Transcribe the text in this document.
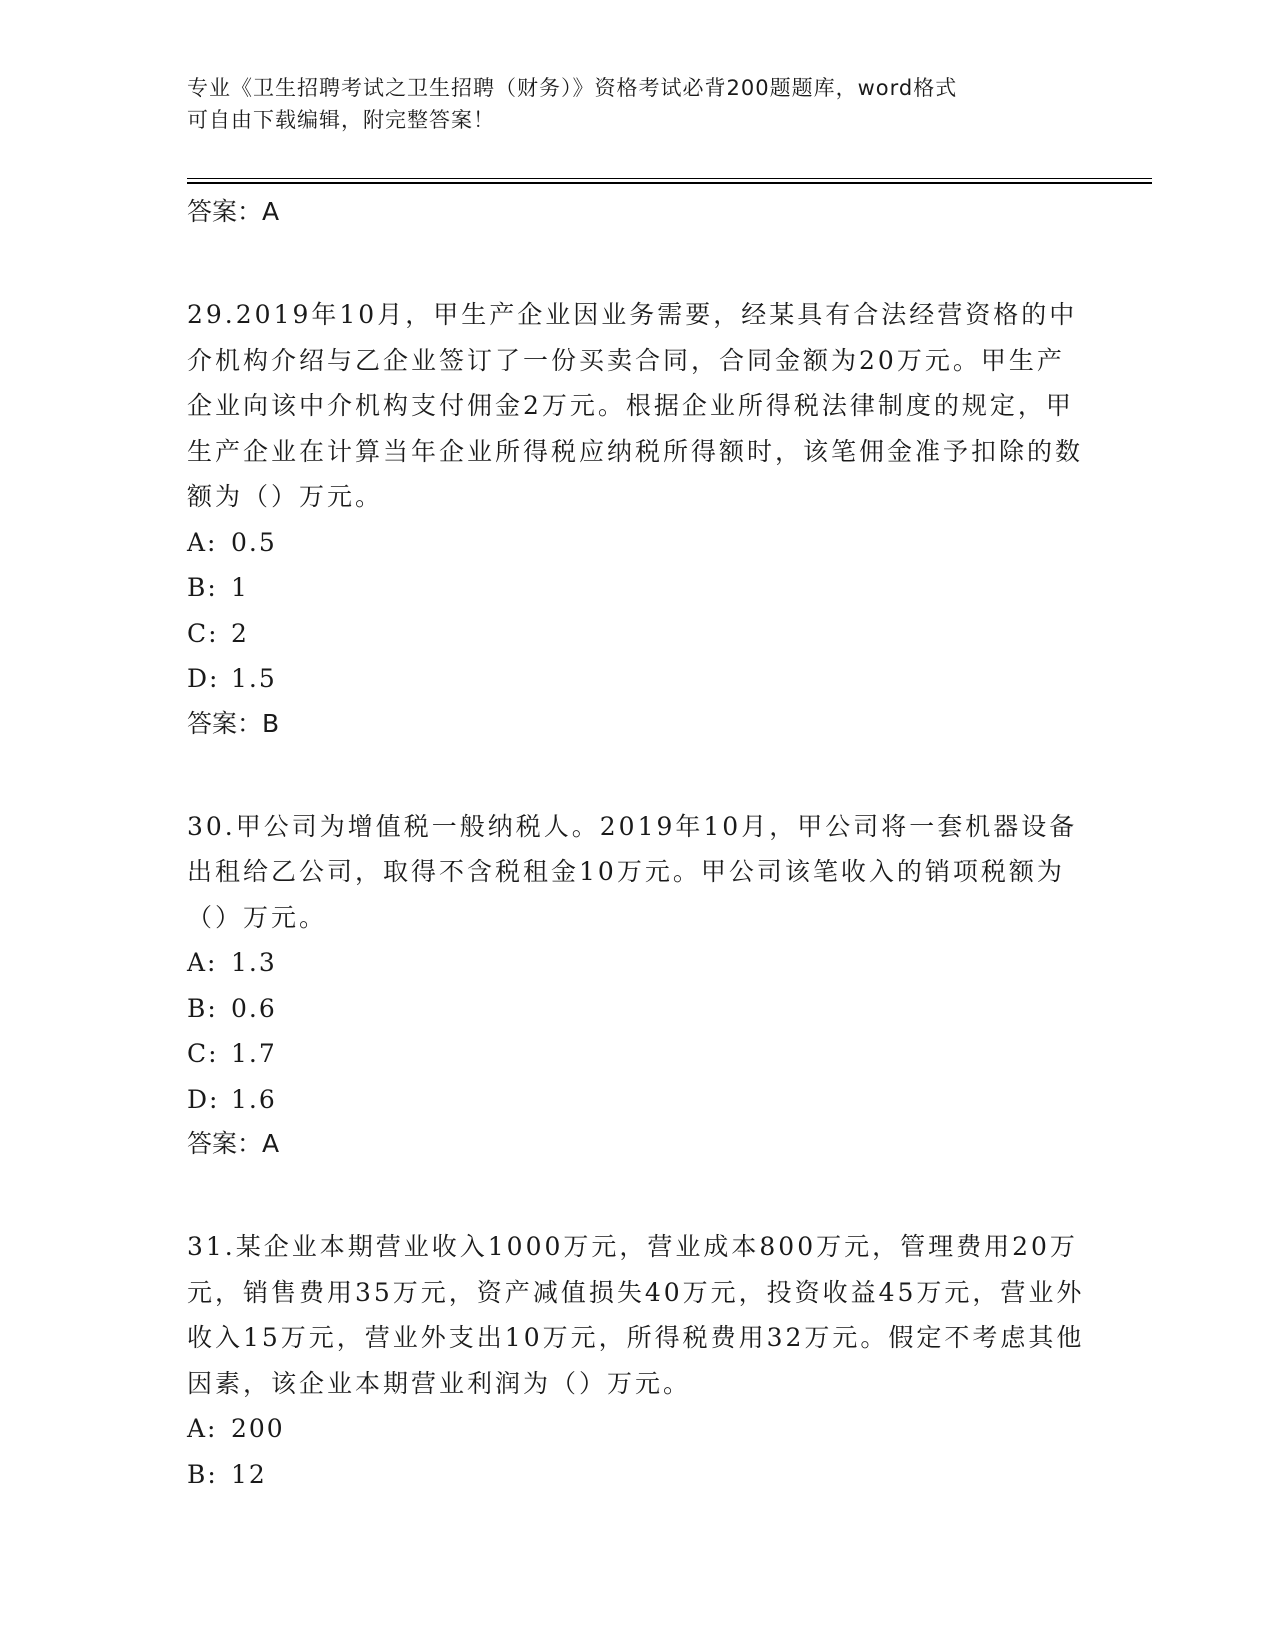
专业《卫生招聘考试之卫生招聘（财务）》资格考试必背200题题库，word格式
可自由下载编辑，附完整答案！

答案：A

29.2019年10月，甲生产企业因业务需要，经某具有合法经营资格的中介机构介绍与乙企业签订了一份买卖合同，合同金额为20万元。甲生产企业向该中介机构支付佣金2万元。根据企业所得税法律制度的规定，甲生产企业在计算当年企业所得税应纳税所得额时，该笔佣金准予扣除的数额为（）万元。

A: 0.5

B: 1

C: 2

D: 1.5

答案：B

30.甲公司为增值税一般纳税人。2019年10月，甲公司将一套机器设备出租给乙公司，取得不含税租金10万元。甲公司该笔收入的销项税额为（）万元。

A: 1.3

B: 0.6

C: 1.7

D: 1.6

答案：A

31.某企业本期营业收入1000万元，营业成本800万元，管理费用20万元，销售费用35万元，资产减值损失40万元，投资收益45万元，营业外收入15万元，营业外支出10万元，所得税费用32万元。假定不考虑其他因素，该企业本期营业利润为（）万元。

A: 200

B: 12
